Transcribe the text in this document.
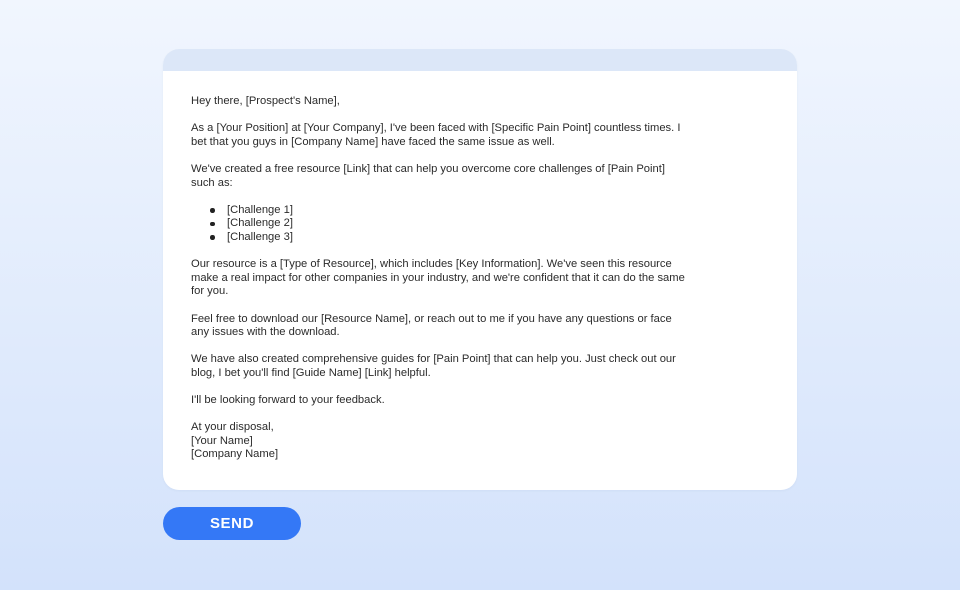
Hey there, [Prospect's Name],

As a [Your Position] at [Your Company], I've been faced with [Specific Pain Point] countless times. I bet that you guys in [Company Name] have faced the same issue as well.

We've created a free resource [Link] that can help you overcome core challenges of [Pain Point] such as:

[Challenge 1]
[Challenge 2]
[Challenge 3]

Our resource is a [Type of Resource], which includes [Key Information]. We've seen this resource make a real impact for other companies in your industry, and we're confident that it can do the same for you.

Feel free to download our [Resource Name], or reach out to me if you have any questions or face any issues with the download.

We have also created comprehensive guides for [Pain Point] that can help you. Just check out our blog, I bet you'll find [Guide Name] [Link] helpful.

I'll be looking forward to your feedback.

At your disposal,
[Your Name]
[Company Name]
SEND
